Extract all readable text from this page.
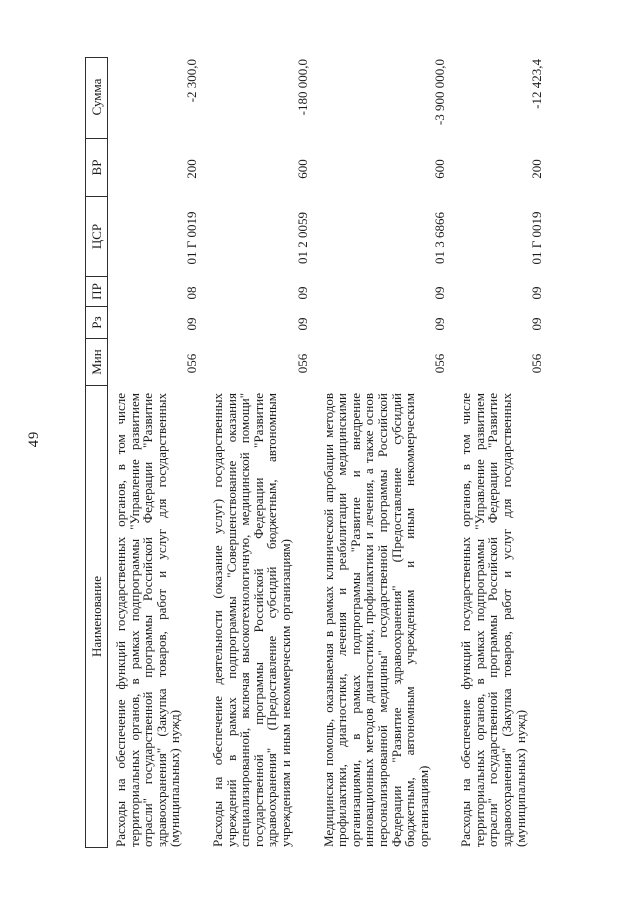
49
Наименование
Мин
Рз
ПР
ЦСР
ВР
Сумма
Расходы на обеспечение функций государственных органов, в том числе территориальных органов, в рамках подпрограммы "Управление развитием отрасли" государственной программы Российской Федерации "Развитие здравоохранения" (Закупка товаров, работ и услуг для государственных (муниципальных) нужд)
056
09
08
01 Г 0019
200
-2 300,0
Расходы на обеспечение деятельности (оказание услуг) государственных учреждений в рамках подпрограммы "Совершенствование оказания специализированной, включая высокотехнологичную, медицинской помощи" государственной программы Российской Федерации "Развитие здравоохранения" (Предоставление субсидий бюджетным, автономным учреждениям и иным некоммерческим организациям)
056
09
09
01 2 0059
600
-180 000,0
Медицинская помощь, оказываемая в рамках клинической апробации методов профилактики, диагностики, лечения и реабилитации медицинскими организациями, в рамках подпрограммы "Развитие и внедрение инновационных методов диагностики, профилактики и лечения, а также основ персонализированной медицины" государственной программы Российской Федерации "Развитие здравоохранения" (Предоставление субсидий бюджетным, автономным учреждениям и иным некоммерческим организациям)
056
09
09
01 3 6866
600
-3 900 000,0
Расходы на обеспечение функций государственных органов, в том числе территориальных органов, в рамках подпрограммы "Управление развитием отрасли" государственной программы Российской Федерации "Развитие здравоохранения" (Закупка товаров, работ и услуг для государственных (муниципальных) нужд)
056
09
09
01 Г 0019
200
-12 423,4
